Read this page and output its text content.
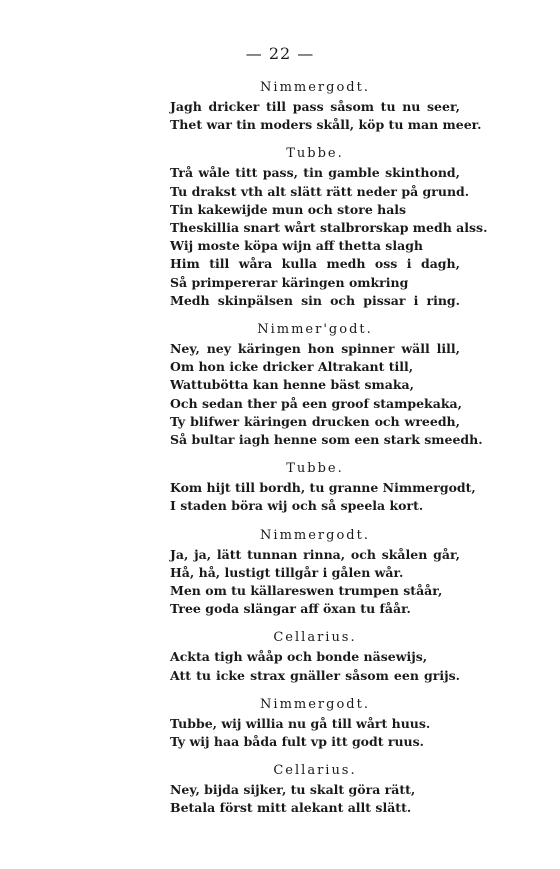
— 22 —
Nimmergodt.
Jagh dricker till pass såsom tu nu seer,
Thet war tin moders skåll, köp tu man meer.
Tubbe.
Trå wåle titt pass, tin gamble skinthond,
Tu drakst vth alt slätt rätt neder på grund.
Tin kakewijde mun och store hals
Theskillia snart wårt stalbrorskap medh alss.
Wij moste köpa wijn aff thetta slagh
Him till wåra kulla medh oss i dagh,
Så primpererar käringen omkring
Medh skinpälsen sin och pissar i ring.
Nimmer'godt.
Ney, ney käringen hon spinner wäll lill,
Om hon icke dricker Altrakant till,
Wattubötta kan henne bäst smaka,
Och sedan ther på een groof stampekaka,
Ty blifwer käringen drucken och wreedh,
Så bultar iagh henne som een stark smeedh.
Tubbe.
Kom hijt till bordh, tu granne Nimmergodt,
I staden böra wij och så speela kort.
Nimmergodt.
Ja, ja, lätt tunnan rinna, och skålen går,
Hå, hå, lustigt tillgår i gålen wår.
Men om tu källareswen trumpen ståår,
Tree goda slängar aff öxan tu fåår.
Cellarius.
Ackta tigh wååp och bonde näsewijs,
Att tu icke strax gnäller såsom een grijs.
Nimmergodt.
Tubbe, wij willia nu gå till wårt huus.
Ty wij haa båda fult vp itt godt ruus.
Cellarius.
Ney, bijda sijker, tu skalt göra rätt,
Betala först mitt alekant allt slätt.
